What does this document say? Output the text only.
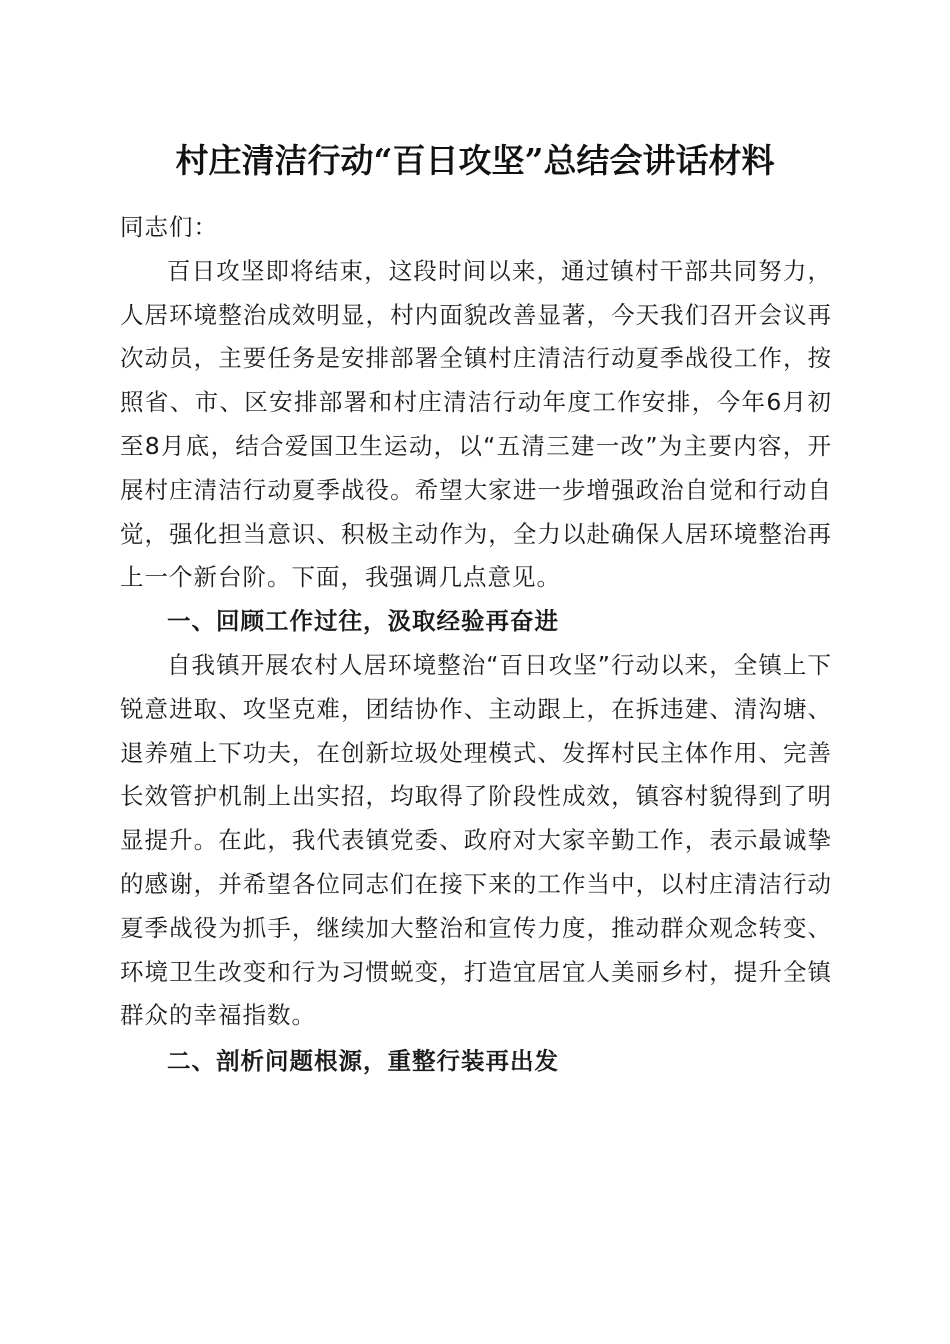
村庄清洁行动“百日攻坚”总结会讲话材料

同志们：

百日攻坚即将结束，这段时间以来，通过镇村干部共同努力，人居环境整治成效明显，村内面貌改善显著，今天我们召开会议再次动员，主要任务是安排部署全镇村庄清洁行动夏季战役工作，按照省、市、区安排部署和村庄清洁行动年度工作安排，今年6月初至8月底，结合爱国卫生运动，以“五清三建一改”为主要内容，开展村庄清洁行动夏季战役。希望大家进一步增强政治自觉和行动自觉，强化担当意识、积极主动作为，全力以赴确保人居环境整治再上一个新台阶。下面，我强调几点意见。

一、回顾工作过往，汲取经验再奋进

自我镇开展农村人居环境整治“百日攻坚”行动以来，全镇上下锐意进取、攻坚克难，团结协作、主动跟上，在拆违建、清沟塘、退养殖上下功夫，在创新垃圾处理模式、发挥村民主体作用、完善长效管护机制上出实招，均取得了阶段性成效，镇容村貌得到了明显提升。在此，我代表镇党委、政府对大家辛勤工作，表示最诚挚的感谢，并希望各位同志们在接下来的工作当中，以村庄清洁行动夏季战役为抓手，继续加大整治和宣传力度，推动群众观念转变、环境卫生改变和行为习惯蜕变，打造宜居宜人美丽乡村，提升全镇群众的幸福指数。

二、剖析问题根源，重整行装再出发
